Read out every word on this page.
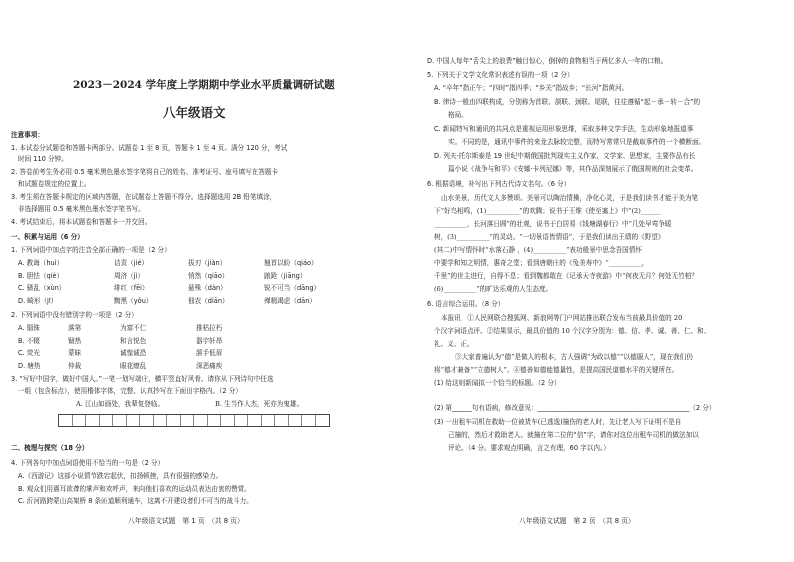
2023－2024 学年度上学期期中学业水平质量调研试题
八年级语文
注意事项：
1. 本试卷分试题卷和答题卡两部分。试题卷 1 至 8 页，答题卡 1 至 4 页。满分 120 分，考试
时间 110 分钟。
2. 答卷前考生务必用 0.5 毫米黑色墨水签字笔将自己的姓名、准考证号、座号填写在答题卡
和试题卷规定的位置上。
3. 考生须在答题卡规定的区域内答题，在试题卷上答题不得分。选择题选用 2B 铅笔填涂，
非选择题用 0.5 毫米黑色墨水签字笔书写。
4. 考试结束后，将本试题卷和答题卡一并交回。
一、积累与运用（6 分）
1. 下列词语中加点字的注音全部正确的一项是（2 分）
A. 教诲（huì）	诘责（jié）	拔刃（jiàn）	翘首以盼（qiáo）
B. 胆怯（qiè）	周济（jì）	悄然（qiāo）	踉跄（jiāng）
C. 骚乱（xùn）	绯红（fēi）	悬殊（dàn）	锐不可当（dāng）
D. 畸形（jī）	黝黑（yǒu）	佃农（diān）	殚精竭虑（dān）
2. 下列词语中没有错别字的一项是（2 分）
A. 锱铢	落第	为富不仁	推枯拉朽
B. 不辍	锢热	和言悦色	器宇轩昂
C. 荧光	蒙昧	诚惶诚恐	颔手低眉
D. 塘热	仲裁	眼花缭乱	深恶痛疾
3. “写好中国字，做好中国人。”一笔一划写端庄，横平竖直好风骨。请你从下列诗句中任选
一组（包含标点），使用楷体字体，完整、认真抄写在下面田字格内。（2 分）
A. 江山如画处，我辈复登临。	B. 生当作人杰，死亦为鬼雄。
二、梳理与探究（18 分）
4. 下列各句中加点词语使用不恰当的一句是（2 分）
A.《西游记》这部小说情节跌宕起伏，扣扬顿挫，具有很强的感染力。
B. 观众们用震耳欲聋的掌声和欢呼声，来向他们喜欢的运动员表达由衷的赞赏。
C. 沂河路跨蒙山高架桥 8 条匝道顺利通车，这离不开建设者们不可当的战斗力。
八年级语文试题　第 1 页　（共 8 页）
D. 中国人每年“舌尖上的浪费”触目惊心，倒掉的食物相当于两亿多人一年的口粮。
5. 下列关于文学文化常识表述有误的一项（2 分）
A. “卒年”指正午；“四时”指四季；“乡关”指故乡；“长河”指黄河。
B. 律诗一般由四联构成，分别称为首联、颔联、颈联、尾联，往往遵循“起－承－转－合”的
格局。
C. 新闻特写和通讯的共同点是重视运用形象思维，采取多种文学手法，生动形象地报道事
实。不同的是，通讯中事件的来龙去脉较完整，而特写常常只是截取事件的一个横断面。
D. 列夫·托尔斯泰是 19 世纪中期俄国批判现实主义作家、文学家、思想家，主要作品有长
篇小说《战争与和平》《安娜·卡列尼娜》等，其作品深刻展示了俄国规则的社会变革。
6. 根据语境，补写出下列古代诗文名句。（6 分）
山水美景，历代文人多赞颂。美景可以陶治情操，净化心灵，于是我们读书才能于美为笔
下“好鸟相鸣，(1)__________”的欢腾；说书于王维《使至塞上》中“(2)______
__________，长河落日圆”的壮观，说书于白居易《钱塘湖春行》中“几处早莺争暖
树，(3)__________”的灵动。“一切景语皆情语”，于是我们读出王绩的《野望》
(其二)中写情怀时“水落石静 ，(4)__________”表功般景中思念吾国情怀
中要学和知之明情，惠奇之堂；看到唐朝庄的《兔美寿中》“__________，
千里”的世主进行，自得不息；看到魏都敢在《记承天寺夜游》中“何夜无月？何处无竹柏？
(6)__________”的旷达乐观的人生态度。
6. 语言综合运用。（8 分）
本报讯　①人民网联合搜狐网、新浪网等门户网站推出联合发布当前最具价值的 20
个汉字词语点评。②结果显示，最具价值的 10 个汉字分别为：德、信、孝、诚、善、仁、和、
礼、义、正。
③大家普遍认为“德”是做人的根本，古人强调“为政以德”“以德服人”，现在我们仍
将“德才兼备”“立德树人”。④德善如德能德量性，是提高国民道德水平的关键所在。
(1) 给这则新闻拟一个恰当的标题。（2 分）
(2) 第______句有语病，修改意见：______________________________________________（2 分）
(3) 一出租车司机在救助一位被货车(已逃逸)撞伤的老人时，先让老人写下证明不是自
己撞的，然后才救助老人。就撞在第二位的“信”字，请你对这位出租车司机的做法加以
评论。（4 分。要求观点明确，言之有理，60 字以内。）
八年级语文试题　第 2 页　（共 8 页）
